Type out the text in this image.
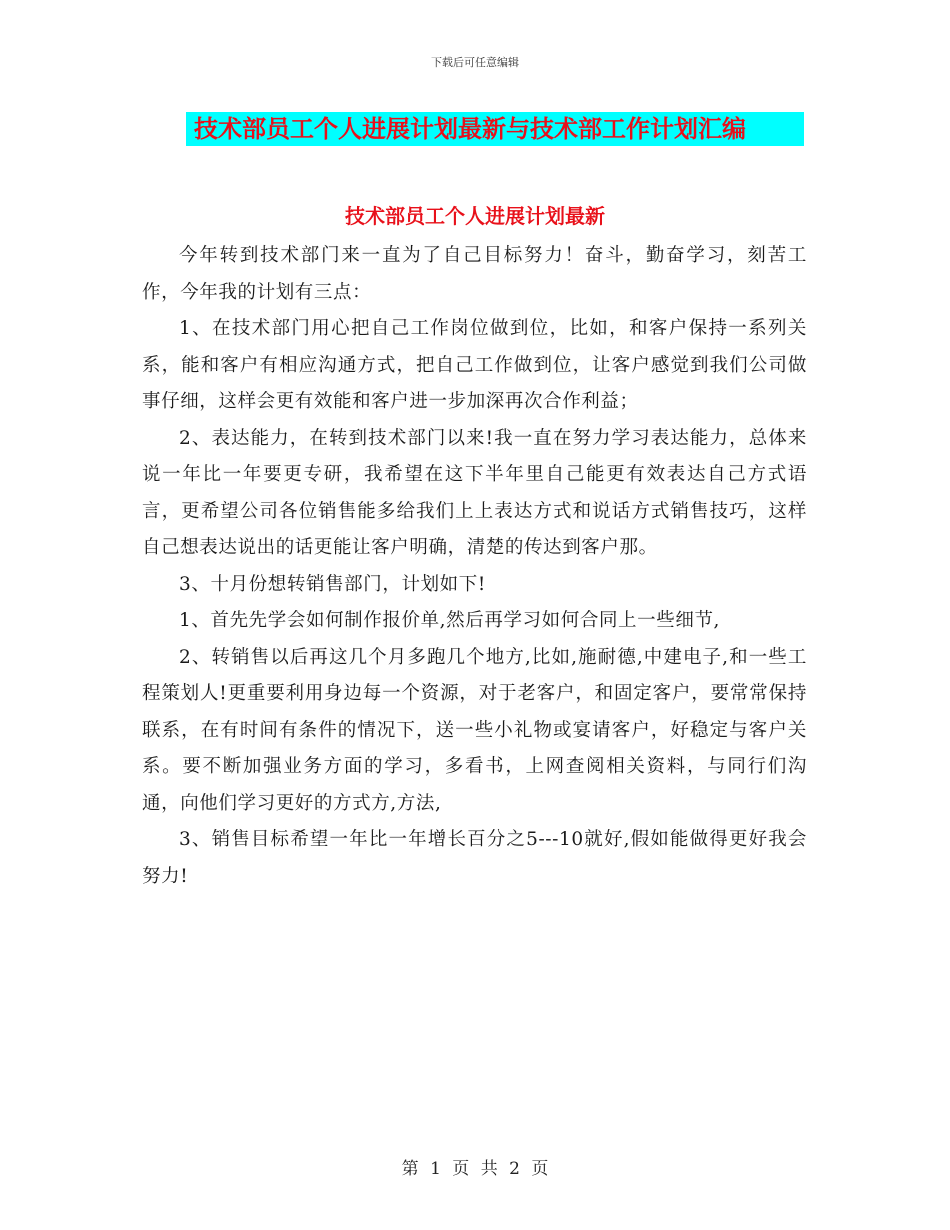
下载后可任意编辑
技术部员工个人进展计划最新与技术部工作计划汇编
技术部员工个人进展计划最新

今年转到技术部门来一直为了自己目标努力！奋斗，勤奋学习，刻苦工作，今年我的计划有三点：

1、在技术部门用心把自己工作岗位做到位，比如，和客户保持一系列关系，能和客户有相应沟通方式，把自己工作做到位，让客户感觉到我们公司做事仔细，这样会更有效能和客户进一步加深再次合作利益；

2、表达能力，在转到技术部门以来!我一直在努力学习表达能力，总体来说一年比一年要更专研，我希望在这下半年里自己能更有效表达自己方式语言，更希望公司各位销售能多给我们上上表达方式和说话方式销售技巧，这样自己想表达说出的话更能让客户明确，清楚的传达到客户那。

3、十月份想转销售部门，计划如下!

1、首先先学会如何制作报价单,然后再学习如何合同上一些细节,

2、转销售以后再这几个月多跑几个地方,比如,施耐德,中建电子,和一些工程策划人!更重要利用身边每一个资源，对于老客户，和固定客户，要常常保持联系，在有时间有条件的情况下，送一些小礼物或宴请客户，好稳定与客户关系。要不断加强业务方面的学习，多看书，上网查阅相关资料，与同行们沟通，向他们学习更好的方式方,方法,

3、销售目标希望一年比一年增长百分之5---10就好,假如能做得更好我会努力!

第 1 页 共 2 页
